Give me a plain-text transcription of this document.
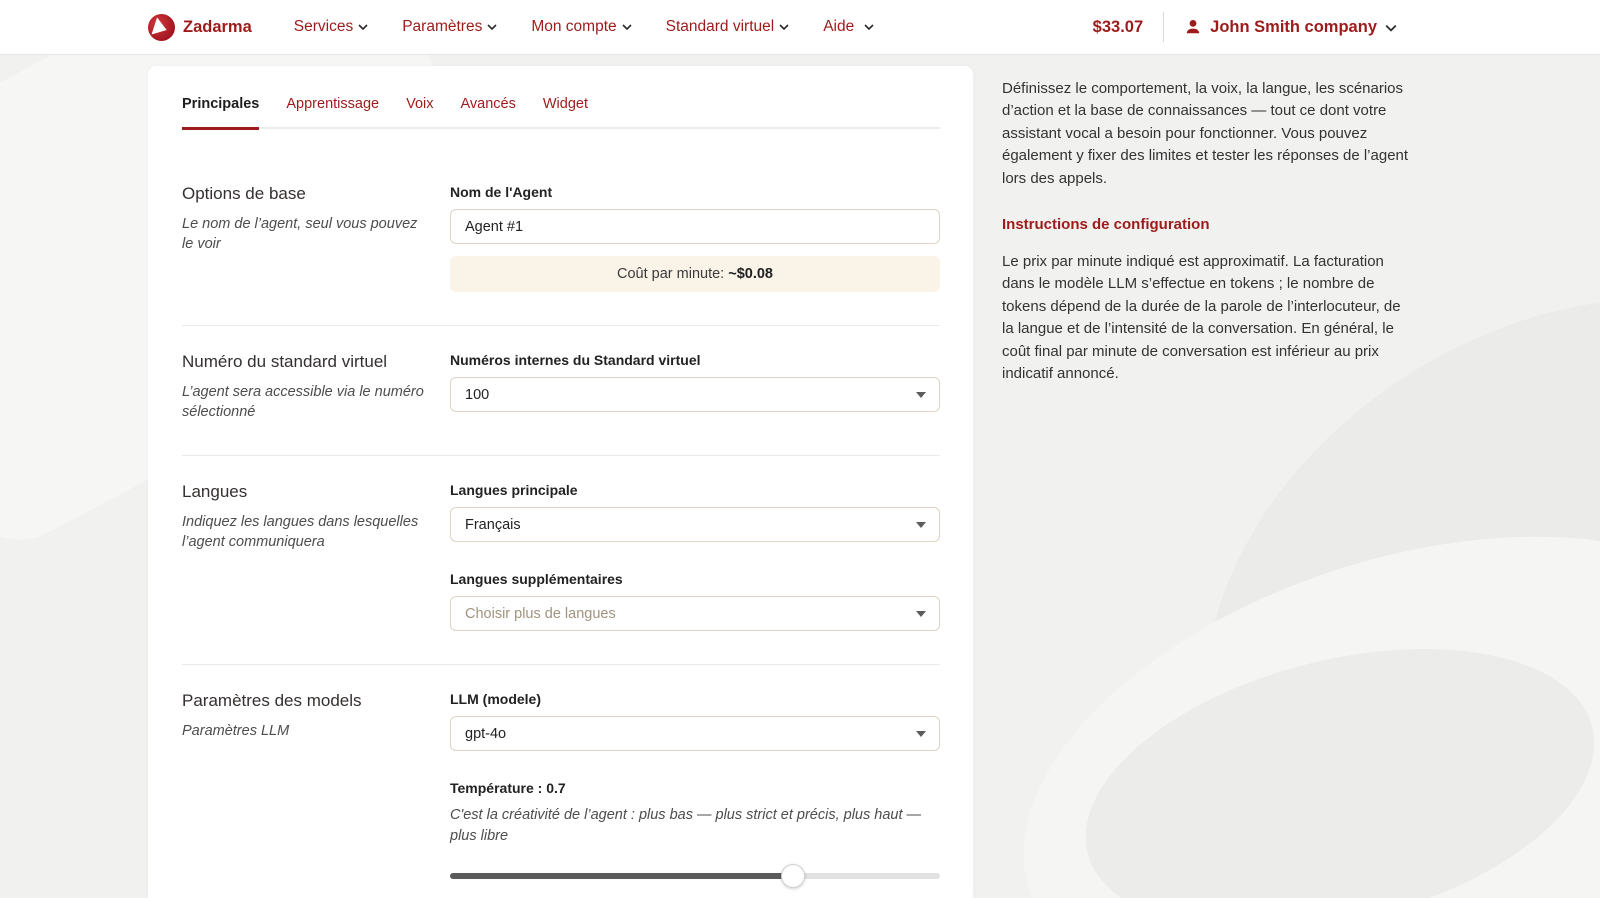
Zadarma	Services	Paramètres	Mon compte	Standard virtuel	Aide	$33.07	John Smith company
Principales Apprentissage Voix Avancés Widget
Options de base
Le nom de l’agent, seul vous pouvez le voir
Nom de l'Agent
Agent #1
Coût par minute:
~$0.08
Numéro du standard virtuel
L’agent sera accessible via le numéro sélectionné
Numéros internes du Standard virtuel
100
Langues
Indiquez les langues dans lesquelles l’agent communiquera
Langues principale
Français
Langues supplémentaires
Choisir plus de langues
Paramètres des models
Paramètres LLM
LLM (modele)
gpt-4o
Température : 0.7
C'est la créativité de l’agent : plus bas — plus strict et précis, plus haut — plus libre
Définissez le comportement, la voix, la langue, les scénarios d’action et la base de connaissances — tout ce dont votre assistant vocal a besoin pour fonctionner. Vous pouvez également y fixer des limites et tester les réponses de l’agent lors des appels.
Instructions de configuration
Le prix par minute indiqué est approximatif. La facturation dans le modèle LLM s’effectue en tokens ; le nombre de tokens dépend de la durée de la parole de l’interlocuteur, de la langue et de l’intensité de la conversation. En général, le coût final par minute de conversation est inférieur au prix indicatif annoncé.
